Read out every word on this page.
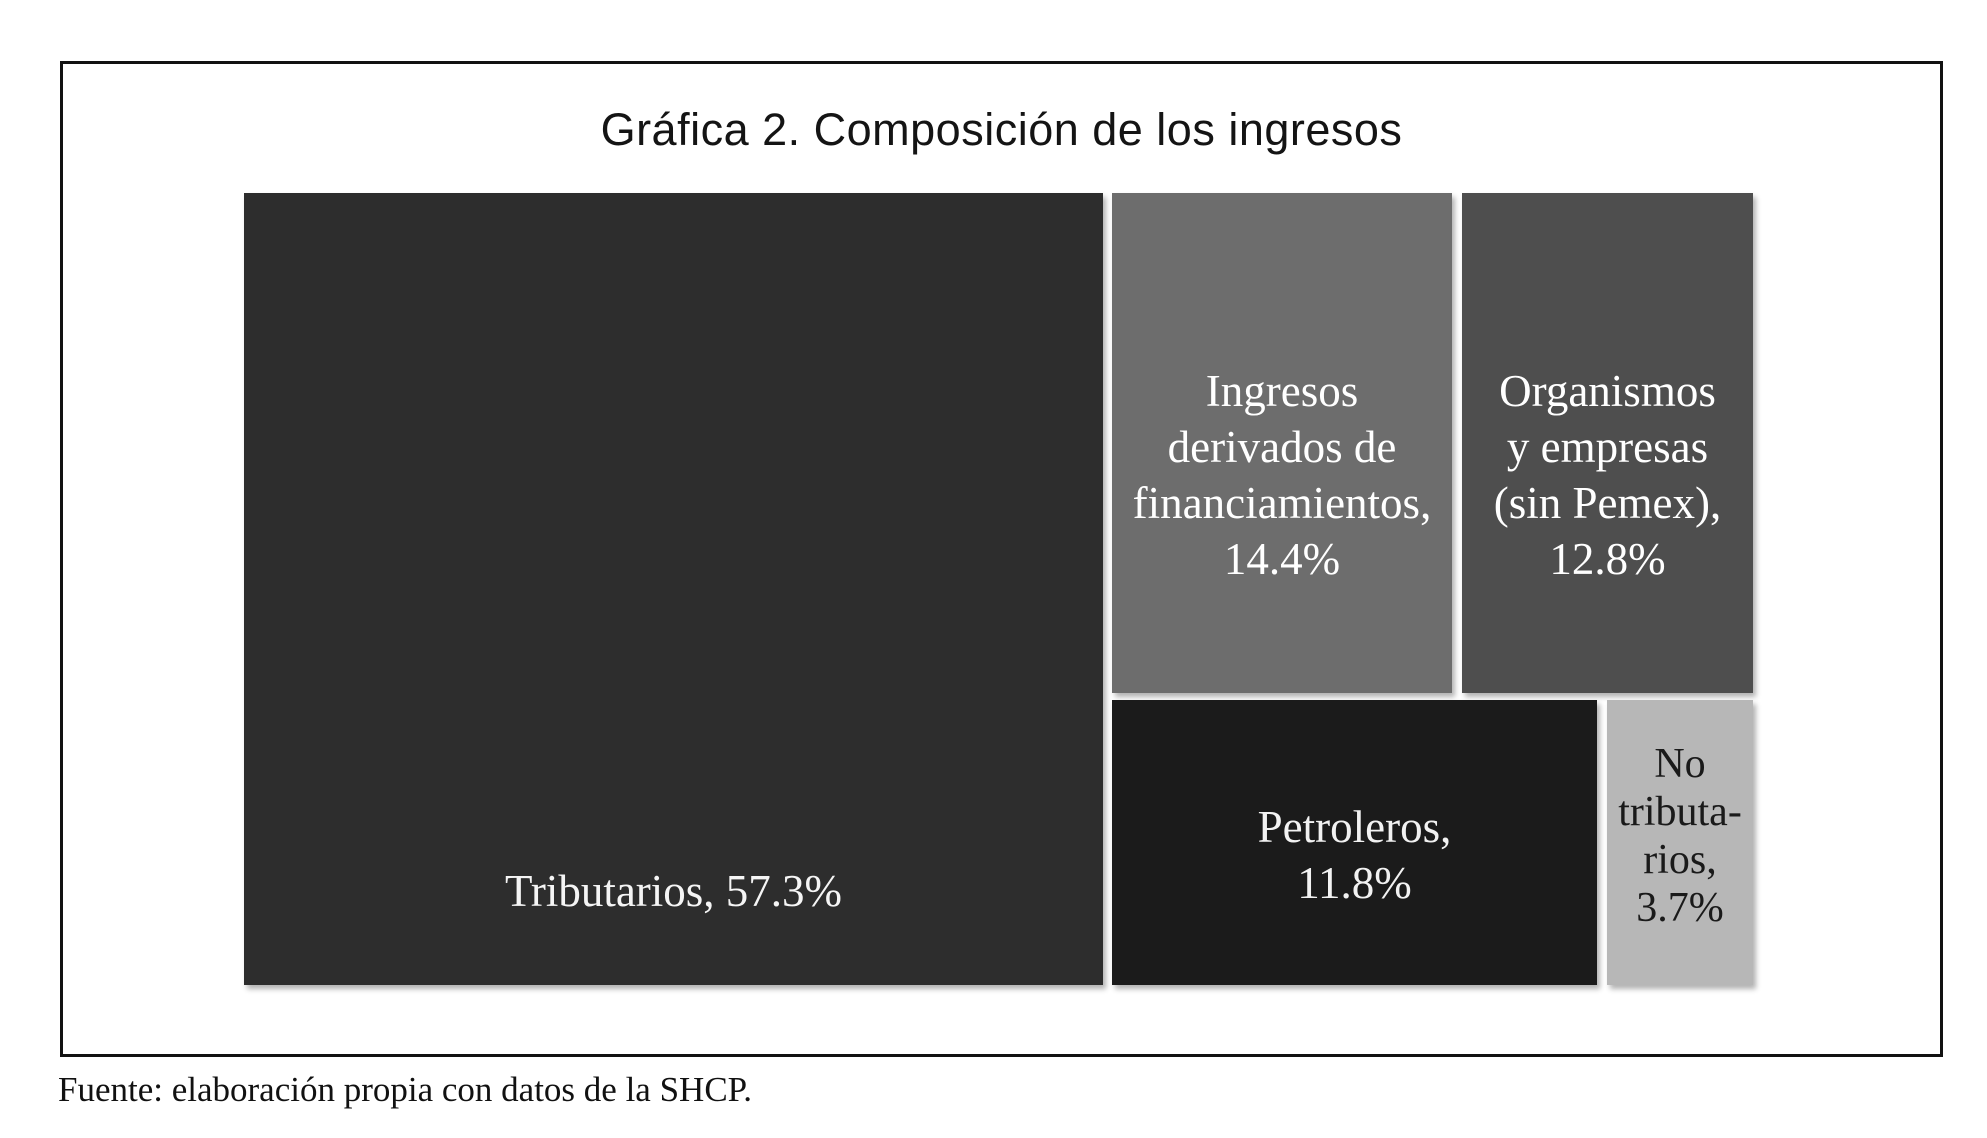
Gráfica 2. Composición de los ingresos
Tributarios, 57.3%
Ingresos
derivados de
financiamientos,
14.4%
Organismos
y empresas
(sin Pemex),
12.8%
Petroleros,
11.8%
No
tributa-
rios,
3.7%
Fuente: elaboración propia con datos de la SHCP.
